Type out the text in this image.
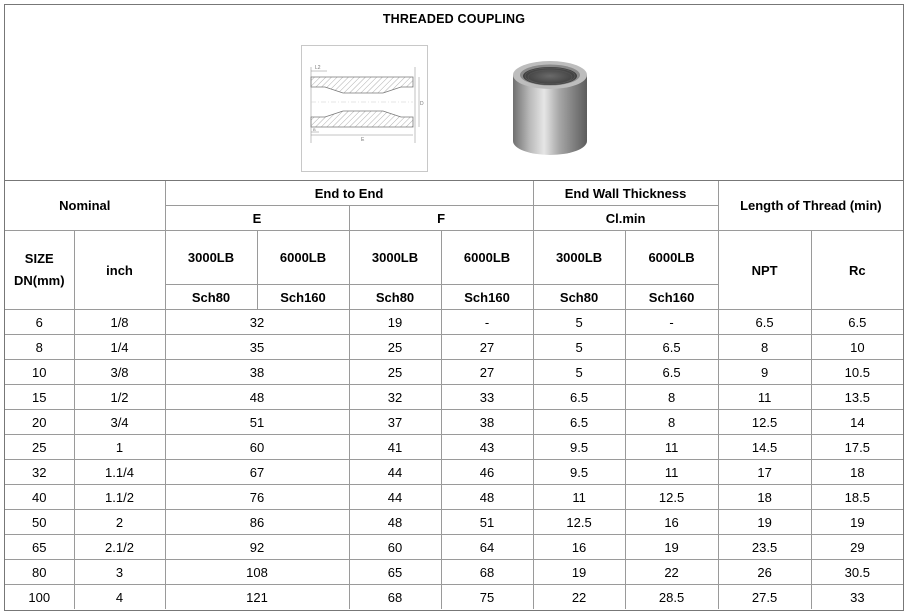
THREADED COUPLING
L2
D
E
B
Nominal		End to End				End Wall Thickness		Length of Thread (min)	
		E		F		Cl.min			

SIZE
DN(mm)	inch	3000LB	6000LB	3000LB	6000LB	3000LB	6000LB	NPT	Rc
		Sch80	Sch160	Sch80	Sch160	Sch80	Sch160		
6	1/8	32		19	-	5	-	6.5	6.5
8	1/4	35		25	27	5	6.5	8	10
10	3/8	38		25	27	5	6.5	9	10.5
15	1/2	48		32	33	6.5	8	11	13.5
20	3/4	51		37	38	6.5	8	12.5	14
25	1	60		41	43	9.5	11	14.5	17.5
32	1.1/4	67		44	46	9.5	11	17	18
40	1.1/2	76		44	48	11	12.5	18	18.5
50	2	86		48	51	12.5	16	19	19
65	2.1/2	92		60	64	16	19	23.5	29
80	3	108		65	68	19	22	26	30.5
100	4	121		68	75	22	28.5	27.5	33
